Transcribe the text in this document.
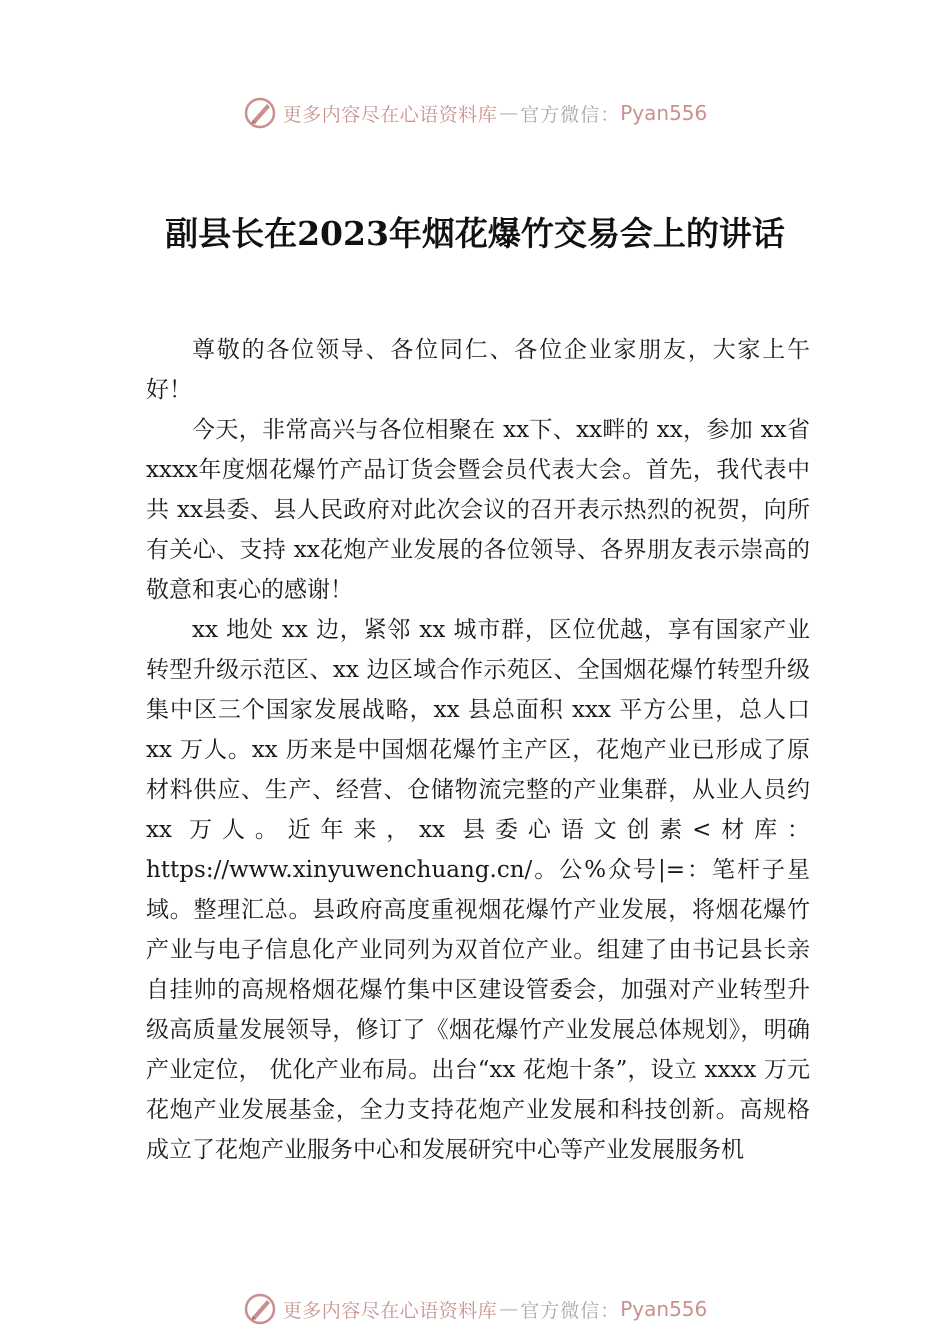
更多内容尽在心语资料库 — 官方微信： Pyan556
副县长在2023年烟花爆竹交易会上的讲话

尊敬的各位领导、各位同仁、各位企业家朋友，大家上午好！

今天，非常高兴与各位相聚在 xx下、xx畔的 xx，参加 xx省 xxxx年度烟花爆竹产品订货会暨会员代表大会。首先，我代表中共 xx县委、县人民政府对此次会议的召开表示热烈的祝贺，向所有关心、支持 xx花炮产业发展的各位领导、各界朋友表示崇高的敬意和衷心的感谢！

xx 地处 xx 边，紧邻 xx 城市群，区位优越，享有国家产业转型升级示范区、xx 边区域合作示苑区、全国烟花爆竹转型升级集中区三个国家发展战略，xx 县总面积 xxx 平方公里，总人口 xx 万人。xx 历来是中国烟花爆竹主产区，花炮产业已形成了原材料供应、生产、经营、仓储物流完整的产业集群，从业人员约 xx 万人。近年来，xx 县委心语文创素<材库：https://www.xinyuwenchuang.cn/。公%众号|=：笔杆子星域。整理汇总。县政府高度重视烟花爆竹产业发展，将烟花爆竹产业与电子信息化产业同列为双首位产业。组建了由书记县长亲自挂帅的高规格烟花爆竹集中区建设管委会，加强对产业转型升级高质量发展领导，修订了《烟花爆竹产业发展总体规划》，明确产业定位， 优化产业布局。出台“xx 花炮十条”，设立 xxxx 万元花炮产业发展基金，全力支持花炮产业发展和科技创新。高规格成立了花炮产业服务中心和发展研究中心等产业发展服务机

更多内容尽在心语资料库 — 官方微信： Pyan556
